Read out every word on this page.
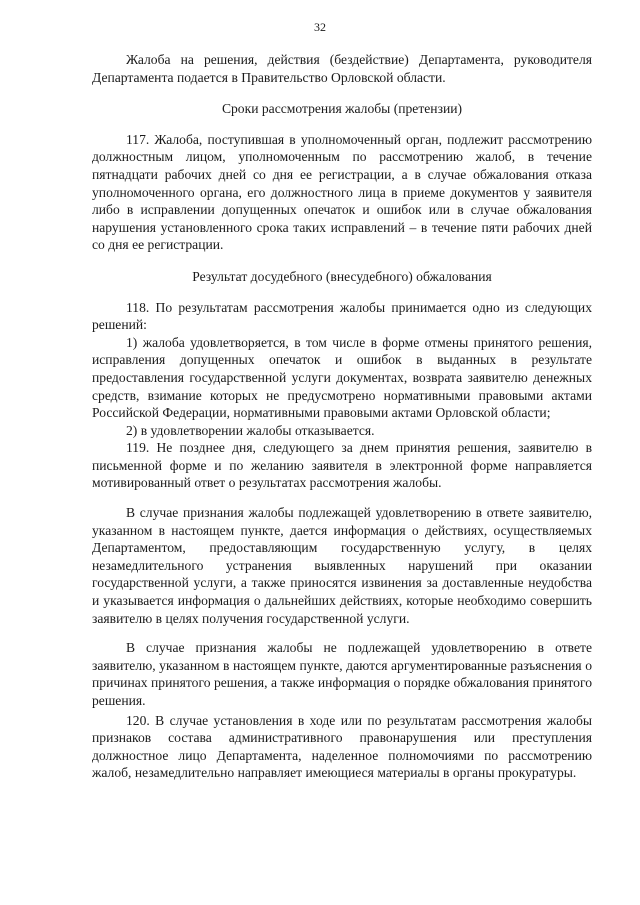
32

Жалоба на решения, действия (бездействие) Департамента, руководителя Департамента подается в Правительство Орловской области.

Сроки рассмотрения жалобы (претензии)

117. Жалоба, поступившая в уполномоченный орган, подлежит рассмотрению должностным лицом, уполномоченным по рассмотрению жалоб, в течение пятнадцати рабочих дней со дня ее регистрации, а в случае обжалования отказа уполномоченного органа, его должностного лица в приеме документов у заявителя либо в исправлении допущенных опечаток и ошибок или в случае обжалования нарушения установленного срока таких исправлений – в течение пяти рабочих дней со дня ее регистрации.

Результат досудебного (внесудебного) обжалования

118. По результатам рассмотрения жалобы принимается одно из следующих решений:

1) жалоба удовлетворяется, в том числе в форме отмены принятого решения, исправления допущенных опечаток и ошибок в выданных в результате предоставления государственной услуги документах, возврата заявителю денежных средств, взимание которых не предусмотрено нормативными правовыми актами Российской Федерации, нормативными правовыми актами Орловской области;

2) в удовлетворении жалобы отказывается.

119. Не позднее дня, следующего за днем принятия решения, заявителю в письменной форме и по желанию заявителя в электронной форме направляется мотивированный ответ о результатах рассмотрения жалобы.

В случае признания жалобы подлежащей удовлетворению в ответе заявителю, указанном в настоящем пункте, дается информация о действиях, осуществляемых Департаментом, предоставляющим государственную услугу, в целях незамедлительного устранения выявленных нарушений при оказании государственной услуги, а также приносятся извинения за доставленные неудобства и указывается информация о дальнейших действиях, которые необходимо совершить заявителю в целях получения государственной услуги.

В случае признания жалобы не подлежащей удовлетворению в ответе заявителю, указанном в настоящем пункте, даются аргументированные разъяснения о причинах принятого решения, а также информация о порядке обжалования принятого решения.

120. В случае установления в ходе или по результатам рассмотрения жалобы признаков состава административного правонарушения или преступления должностное лицо Департамента, наделенное полномочиями по рассмотрению жалоб, незамедлительно направляет имеющиеся материалы в органы прокуратуры.
